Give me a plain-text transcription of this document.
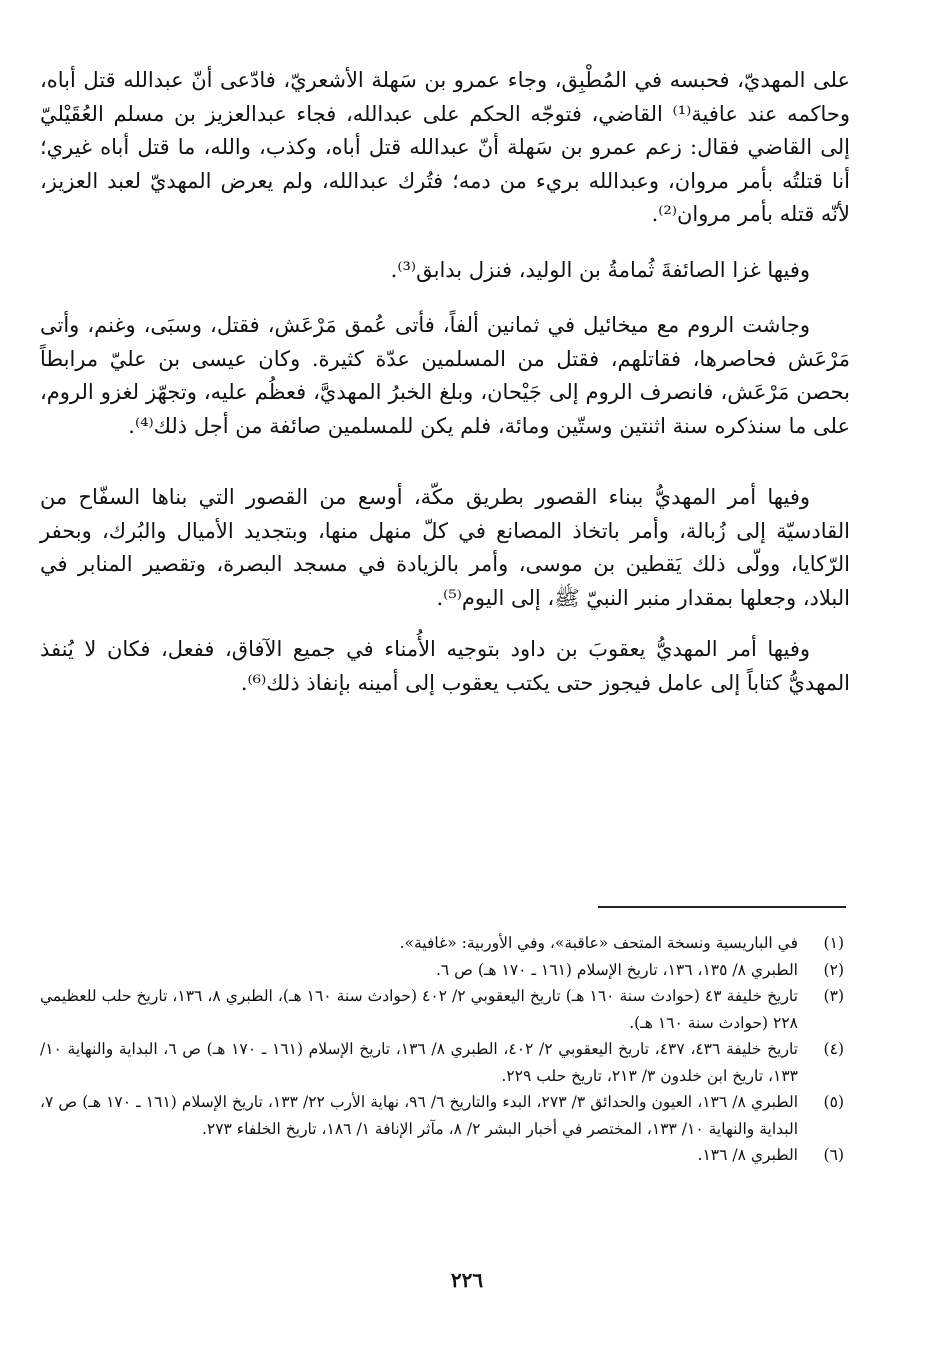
على المهديّ، فحبسه في المُطْبِق، وجاء عمرو بن سَهلة الأشعريّ، فادّعى أنّ عبدالله قتل أباه، وحاكمه عند عافية⁽¹⁾ القاضي، فتوجّه الحكم على عبدالله، فجاء عبدالعزيز بن مسلم العُقَيْليّ إلى القاضي فقال: زعم عمرو بن سَهلة أنّ عبدالله قتل أباه، وكذب، والله، ما قتل أباه غيري؛ أنا قتلتُه بأمر مروان، وعبدالله بريء من دمه؛ فتُرك عبدالله، ولم يعرض المهديّ لعبد العزيز، لأنّه قتله بأمر مروان⁽²⁾.

وفيها غزا الصائفةَ ثُمامةُ بن الوليد، فنزل بدابق⁽³⁾.

وجاشت الروم مع ميخائيل في ثمانين ألفاً، فأتى عُمق مَرْعَش، فقتل، وسبَى، وغنم، وأتى مَرْعَش فحاصرها، فقاتلهم، فقتل من المسلمين عدّة كثيرة. وكان عيسى بن عليّ مرابطاً بحصن مَرْعَش، فانصرف الروم إلى جَيْحان، وبلغ الخبرُ المهديَّ، فعظُم عليه، وتجهّز لغزو الروم، على ما سنذكره سنة اثنتين وستّين ومائة، فلم يكن للمسلمين صائفة من أجل ذلك⁽⁴⁾.

وفيها أمر المهديُّ ببناء القصور بطريق مكّة، أوسع من القصور التي بناها السفّاح من القادسيّة إلى زُبالة، وأمر باتخاذ المصانع في كلّ منهل منها، وبتجديد الأميال والبُرك، وبحفر الرّكايا، وولّى ذلك يَقطين بن موسى، وأمر بالزيادة في مسجد البصرة، وتقصير المنابر في البلاد، وجعلها بمقدار منبر النبيّ ﷺ، إلى اليوم⁽⁵⁾.

وفيها أمر المهديُّ يعقوبَ بن داود بتوجيه الأُمناء في جميع الآفاق، ففعل، فكان لا يُنفذ المهديُّ كتاباً إلى عامل فيجوز حتى يكتب يعقوب إلى أمينه بإنفاذ ذلك⁽⁶⁾.

(١)
في الباريسية ونسخة المتحف «عاقبة»، وفي الأوربية: «غافية».
(٢)
الطبري ٨/ ١٣٥، ١٣٦، تاريخ الإسلام (١٦١ ـ ١٧٠ هـ) ص ٦.
(٣)
تاريخ خليفة ٤٣ (حوادث سنة ١٦٠ هـ) تاريخ اليعقوبي ٢/ ٤٠٢ (حوادث سنة ١٦٠ هـ)، الطبري ٨، ١٣٦، تاريخ حلب للعظيمي ٢٢٨ (حوادث سنة ١٦٠ هـ).
(٤)
تاريخ خليفة ٤٣٦، ٤٣٧، تاريخ اليعقوبي ٢/ ٤٠٢، الطبري ٨/ ١٣٦، تاريخ الإسلام (١٦١ ـ ١٧٠ هـ) ص ٦، البداية والنهاية ١٠/ ١٣٣، تاريخ ابن خلدون ٣/ ٢١٣، تاريخ حلب ٢٢٩.
(٥)
الطبري ٨/ ١٣٦، العيون والحدائق ٣/ ٢٧٣، البدء والتاريخ ٦/ ٩٦، نهاية الأرب ٢٢/ ١٣٣، تاريخ الإسلام (١٦١ ـ ١٧٠ هـ) ص ٧، البداية والنهاية ١٠/ ١٣٣، المختصر في أخبار البشر ٢/ ٨، مآثر الإنافة ١/ ١٨٦، تاريخ الخلفاء ٢٧٣.
(٦)
الطبري ٨/ ١٣٦.
٢٢٦
